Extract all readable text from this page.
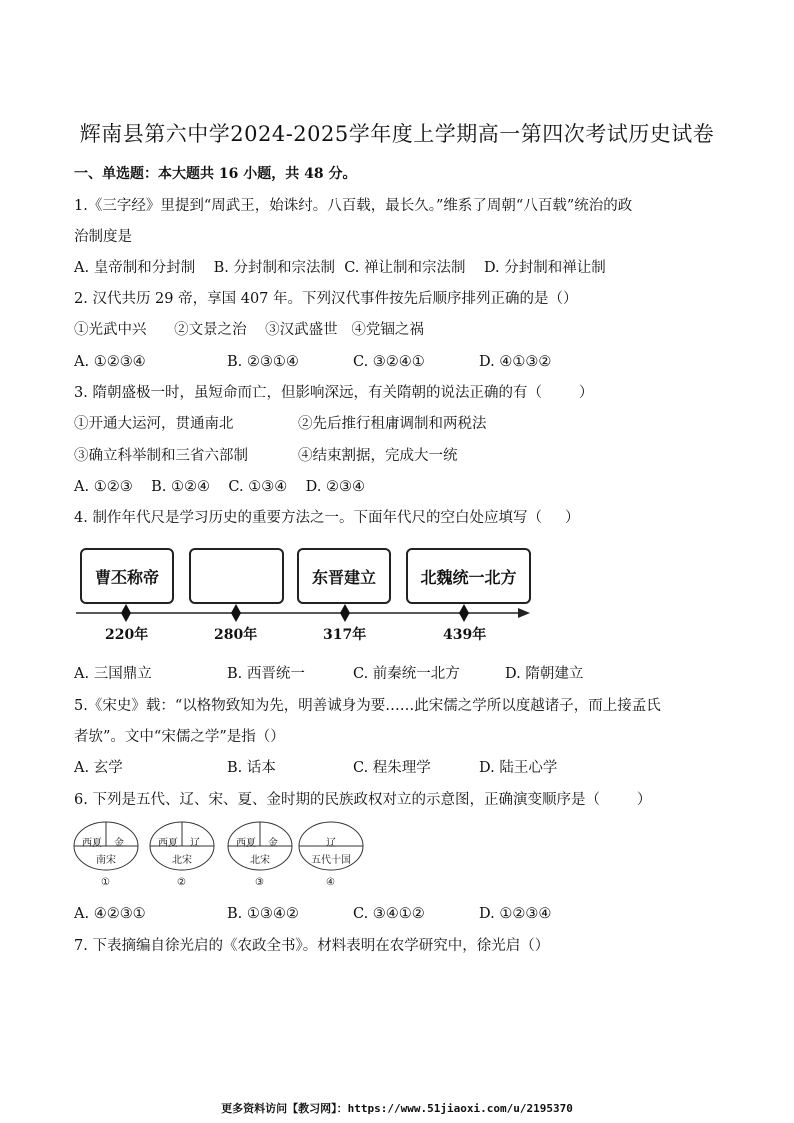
辉南县第六中学2024-2025学年度上学期高一第四次考试历史试卷
一、单选题：本大题共 16 小题，共 48 分。
1.《三字经》里提到“周武王，始诛纣。八百载，最长久。”维系了周朝“八百载”统治的政
治制度是
A. 皇帝制和分封制    B. 分封制和宗法制  C. 禅让制和宗法制    D. 分封制和禅让制
2. 汉代共历 29 帝，享国 407 年。下列汉代事件按先后顺序排列正确的是（）
①光武中兴      ②文景之治    ③汉武盛世   ④党锢之祸
A. ①②③④	B. ②③①④	C. ③②④①	D. ④①③②
3. 隋朝盛极一时，虽短命而亡，但影响深远，有关隋朝的说法正确的有（        ）
①开通大运河，贯通南北	②先后推行租庸调制和两税法
③确立科举制和三省六部制	④结束割据，完成大一统
A. ①②③    B. ①②④    C. ①③④    D. ②③④
4. 制作年代尺是学习历史的重要方法之一。下面年代尺的空白处应填写（     ）
曹丕称帝	东晋建立	北魏统一北方
220年	280年	317年	439年
A. 三国鼎立	B. 西晋统一	C. 前秦统一北方	D. 隋朝建立
5.《宋史》载：“以格物致知为先，明善诚身为要……此宋儒之学所以度越诸子，而上接孟氏
者欤”。文中“宋儒之学”是指（）
A. 玄学	B. 话本	C. 程朱理学	D. 陆王心学
6. 下列是五代、辽、宋、夏、金时期的民族政权对立的示意图，正确演变顺序是（        ）
西夏 金
南宋
①
西夏 辽
北宋
②
西夏 金
北宋
③
辽
五代十国
④
A. ④②③①	B. ①③④②	C. ③④①②	D. ①②③④
7. 下表摘编自徐光启的《农政全书》。材料表明在农学研究中，徐光启（）
更多资料访问【教习网】：https://www.51jiaoxi.com/u/2195370
